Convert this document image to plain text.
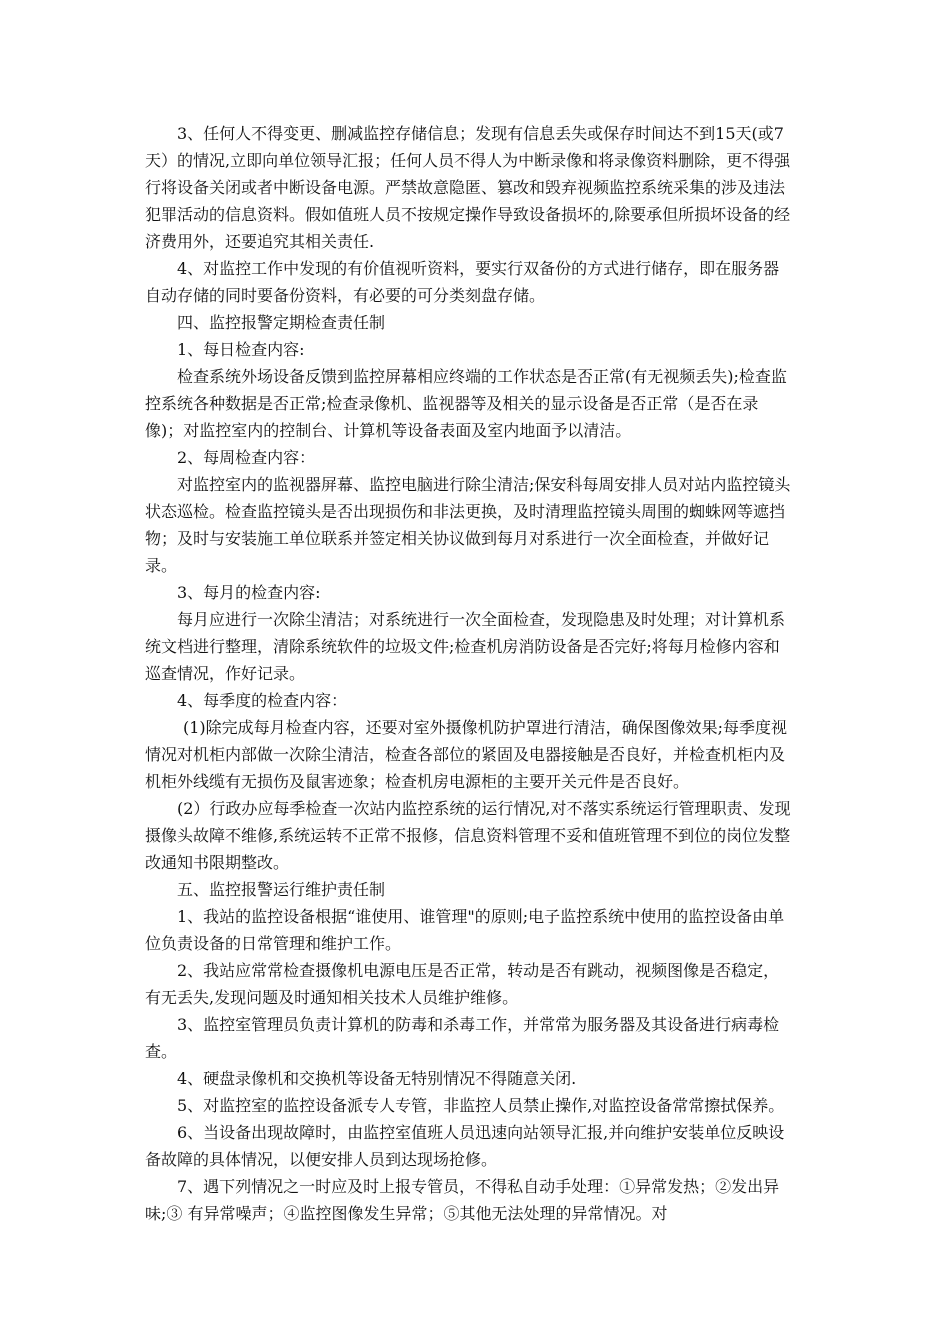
3、任何人不得变更、删减监控存储信息；发现有信息丢失或保存时间达不到15天(或7天）的情况,立即向单位领导汇报；任何人员不得人为中断录像和将录像资料删除，更不得强行将设备关闭或者中断设备电源。严禁故意隐匿、篡改和毁弃视频监控系统采集的涉及违法犯罪活动的信息资料。假如值班人员不按规定操作导致设备损坏的,除要承但所损坏设备的经济费用外，还要追究其相关责任.

4、对监控工作中发现的有价值视听资料，要实行双备份的方式进行储存，即在服务器自动存储的同时要备份资料，有必要的可分类刻盘存储。

四、监控报警定期检查责任制

1、每日检查内容:

检查系统外场设备反馈到监控屏幕相应终端的工作状态是否正常(有无视频丢失);检查监控系统各种数据是否正常;检查录像机、监视器等及相关的显示设备是否正常（是否在录像)；对监控室内的控制台、计算机等设备表面及室内地面予以清洁。

2、每周检查内容：

对监控室内的监视器屏幕、监控电脑进行除尘清洁;保安科每周安排人员对站内监控镜头状态巡检。检查监控镜头是否出现损伤和非法更换，及时清理监控镜头周围的蜘蛛网等遮挡物；及时与安装施工单位联系并签定相关协议做到每月对系进行一次全面检查，并做好记录。

3、每月的检查内容:

每月应进行一次除尘清洁；对系统进行一次全面检查，发现隐患及时处理；对计算机系统文档进行整理，清除系统软件的垃圾文件;检查机房消防设备是否完好;将每月检修内容和巡查情况，作好记录。

4、每季度的检查内容：

(1)除完成每月检查内容，还要对室外摄像机防护罩进行清洁，确保图像效果;每季度视情况对机柜内部做一次除尘清洁，检查各部位的紧固及电器接触是否良好，并检查机柜内及机柜外线缆有无损伤及鼠害迹象；检查机房电源柜的主要开关元件是否良好。

(2）行政办应每季检查一次站内监控系统的运行情况,对不落实系统运行管理职责、发现摄像头故障不维修,系统运转不正常不报修，信息资料管理不妥和值班管理不到位的岗位发整改通知书限期整改。

五、监控报警运行维护责任制

1、我站的监控设备根据“谁使用、谁管理"的原则;电子监控系统中使用的监控设备由单位负责设备的日常管理和维护工作。

2、我站应常常检查摄像机电源电压是否正常，转动是否有跳动，视频图像是否稳定，有无丢失,发现问题及时通知相关技术人员维护维修。

3、监控室管理员负责计算机的防毒和杀毒工作，并常常为服务器及其设备进行病毒检查。

4、硬盘录像机和交换机等设备无特别情况不得随意关闭.

5、对监控室的监控设备派专人专管，非监控人员禁止操作,对监控设备常常擦拭保养。

6、当设备出现故障时，由监控室值班人员迅速向站领导汇报,并向维护安装单位反映设备故障的具体情况，以便安排人员到达现场抢修。

7、遇下列情况之一时应及时上报专管员，不得私自动手处理：①异常发热；②发出异味;③ 有异常噪声；④监控图像发生异常；⑤其他无法处理的异常情况。对
